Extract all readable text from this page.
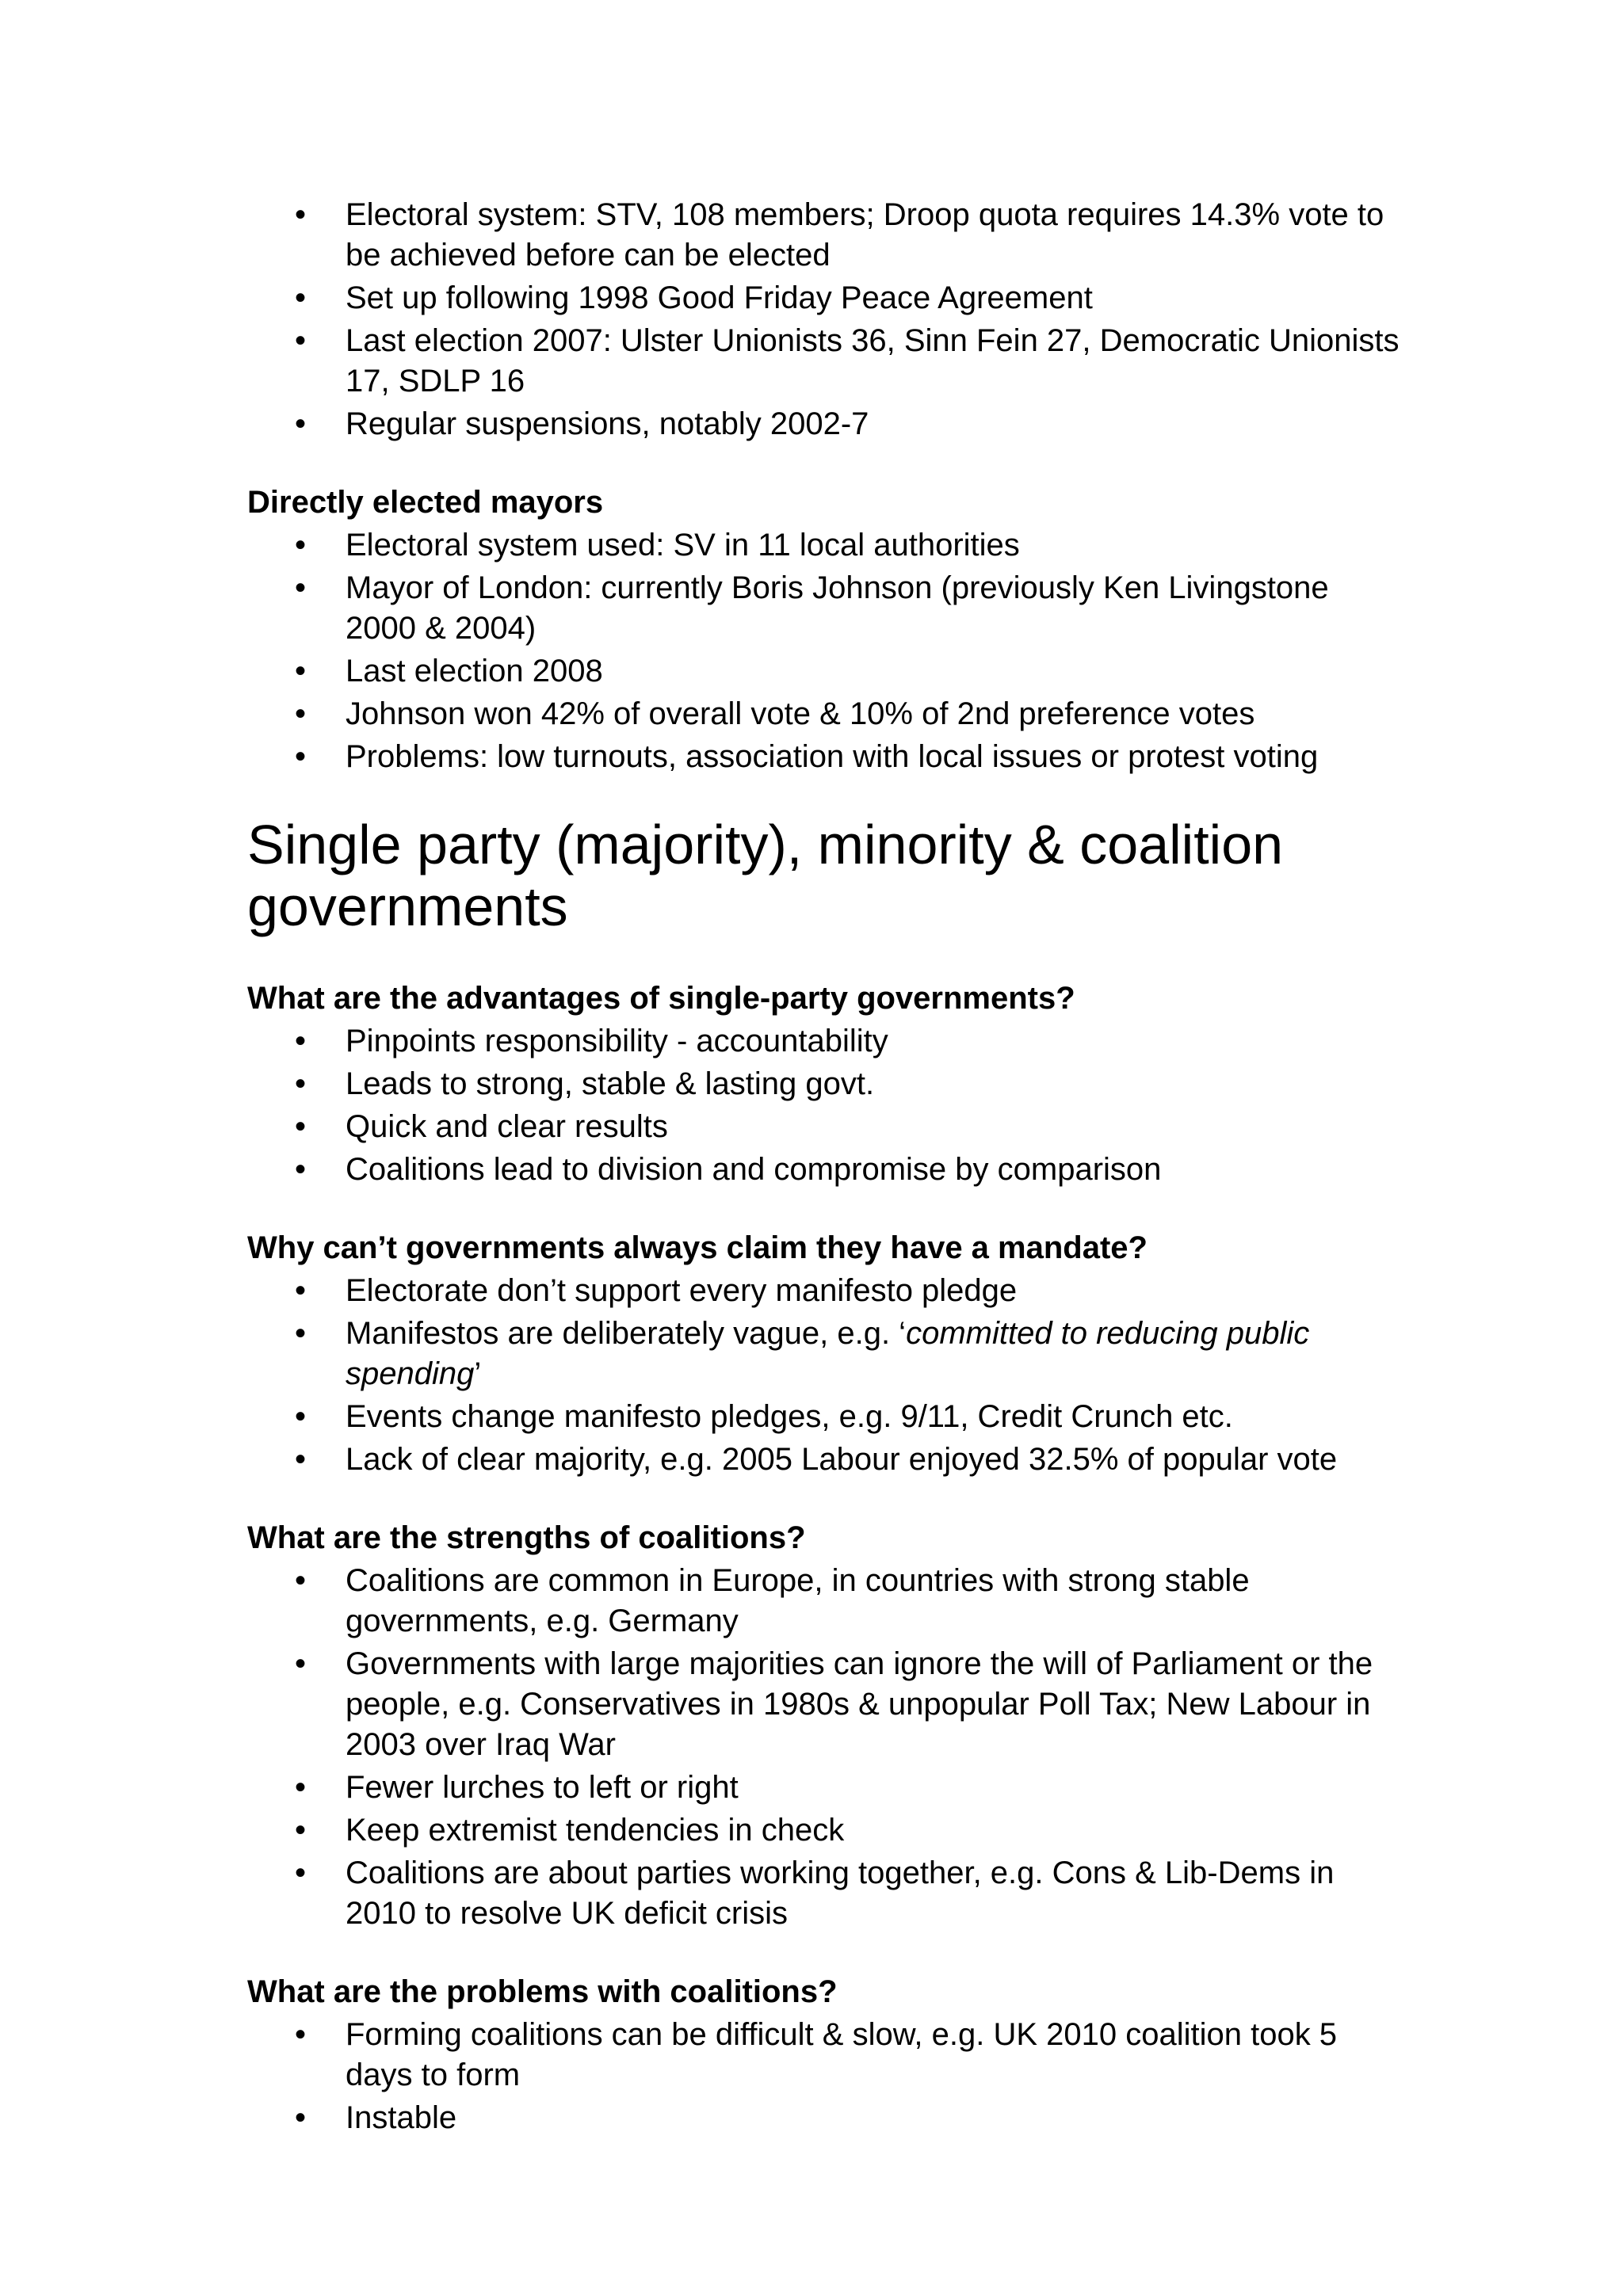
• Electoral system: STV, 108 members; Droop quota requires 14.3% vote to be achieved before can be elected
• Set up following 1998 Good Friday Peace Agreement
• Last election 2007: Ulster Unionists 36, Sinn Fein 27, Democratic Unionists 17, SDLP 16
• Regular suspensions, notably 2002-7

Directly elected mayors

• Electoral system used: SV in 11 local authorities
• Mayor of London: currently Boris Johnson (previously Ken Livingstone 2000 & 2004)
• Last election 2008
• Johnson won 42% of overall vote & 10% of 2nd preference votes
• Problems: low turnouts, association with local issues or protest voting
Single party (majority), minority & coalition governments

What are the advantages of single-party governments?

• Pinpoints responsibility - accountability
• Leads to strong, stable & lasting govt.
• Quick and clear results
• Coalitions lead to division and compromise by comparison

Why can’t governments always claim they have a mandate?

• Electorate don’t support every manifesto pledge
• Manifestos are deliberately vague, e.g. ‘committed to reducing public spending’
• Events change manifesto pledges, e.g. 9/11, Credit Crunch etc.
• Lack of clear majority, e.g. 2005 Labour enjoyed 32.5% of popular vote

What are the strengths of coalitions?

• Coalitions are common in Europe, in countries with strong stable governments, e.g. Germany
• Governments with large majorities can ignore the will of Parliament or the people, e.g. Conservatives in 1980s & unpopular Poll Tax; New Labour in 2003 over Iraq War
• Fewer lurches to left or right
• Keep extremist tendencies in check
• Coalitions are about parties working together, e.g. Cons & Lib-Dems in 2010 to resolve UK deficit crisis

What are the problems with coalitions?

• Forming coalitions can be difficult & slow, e.g. UK 2010 coalition took 5 days to form
• Instable
